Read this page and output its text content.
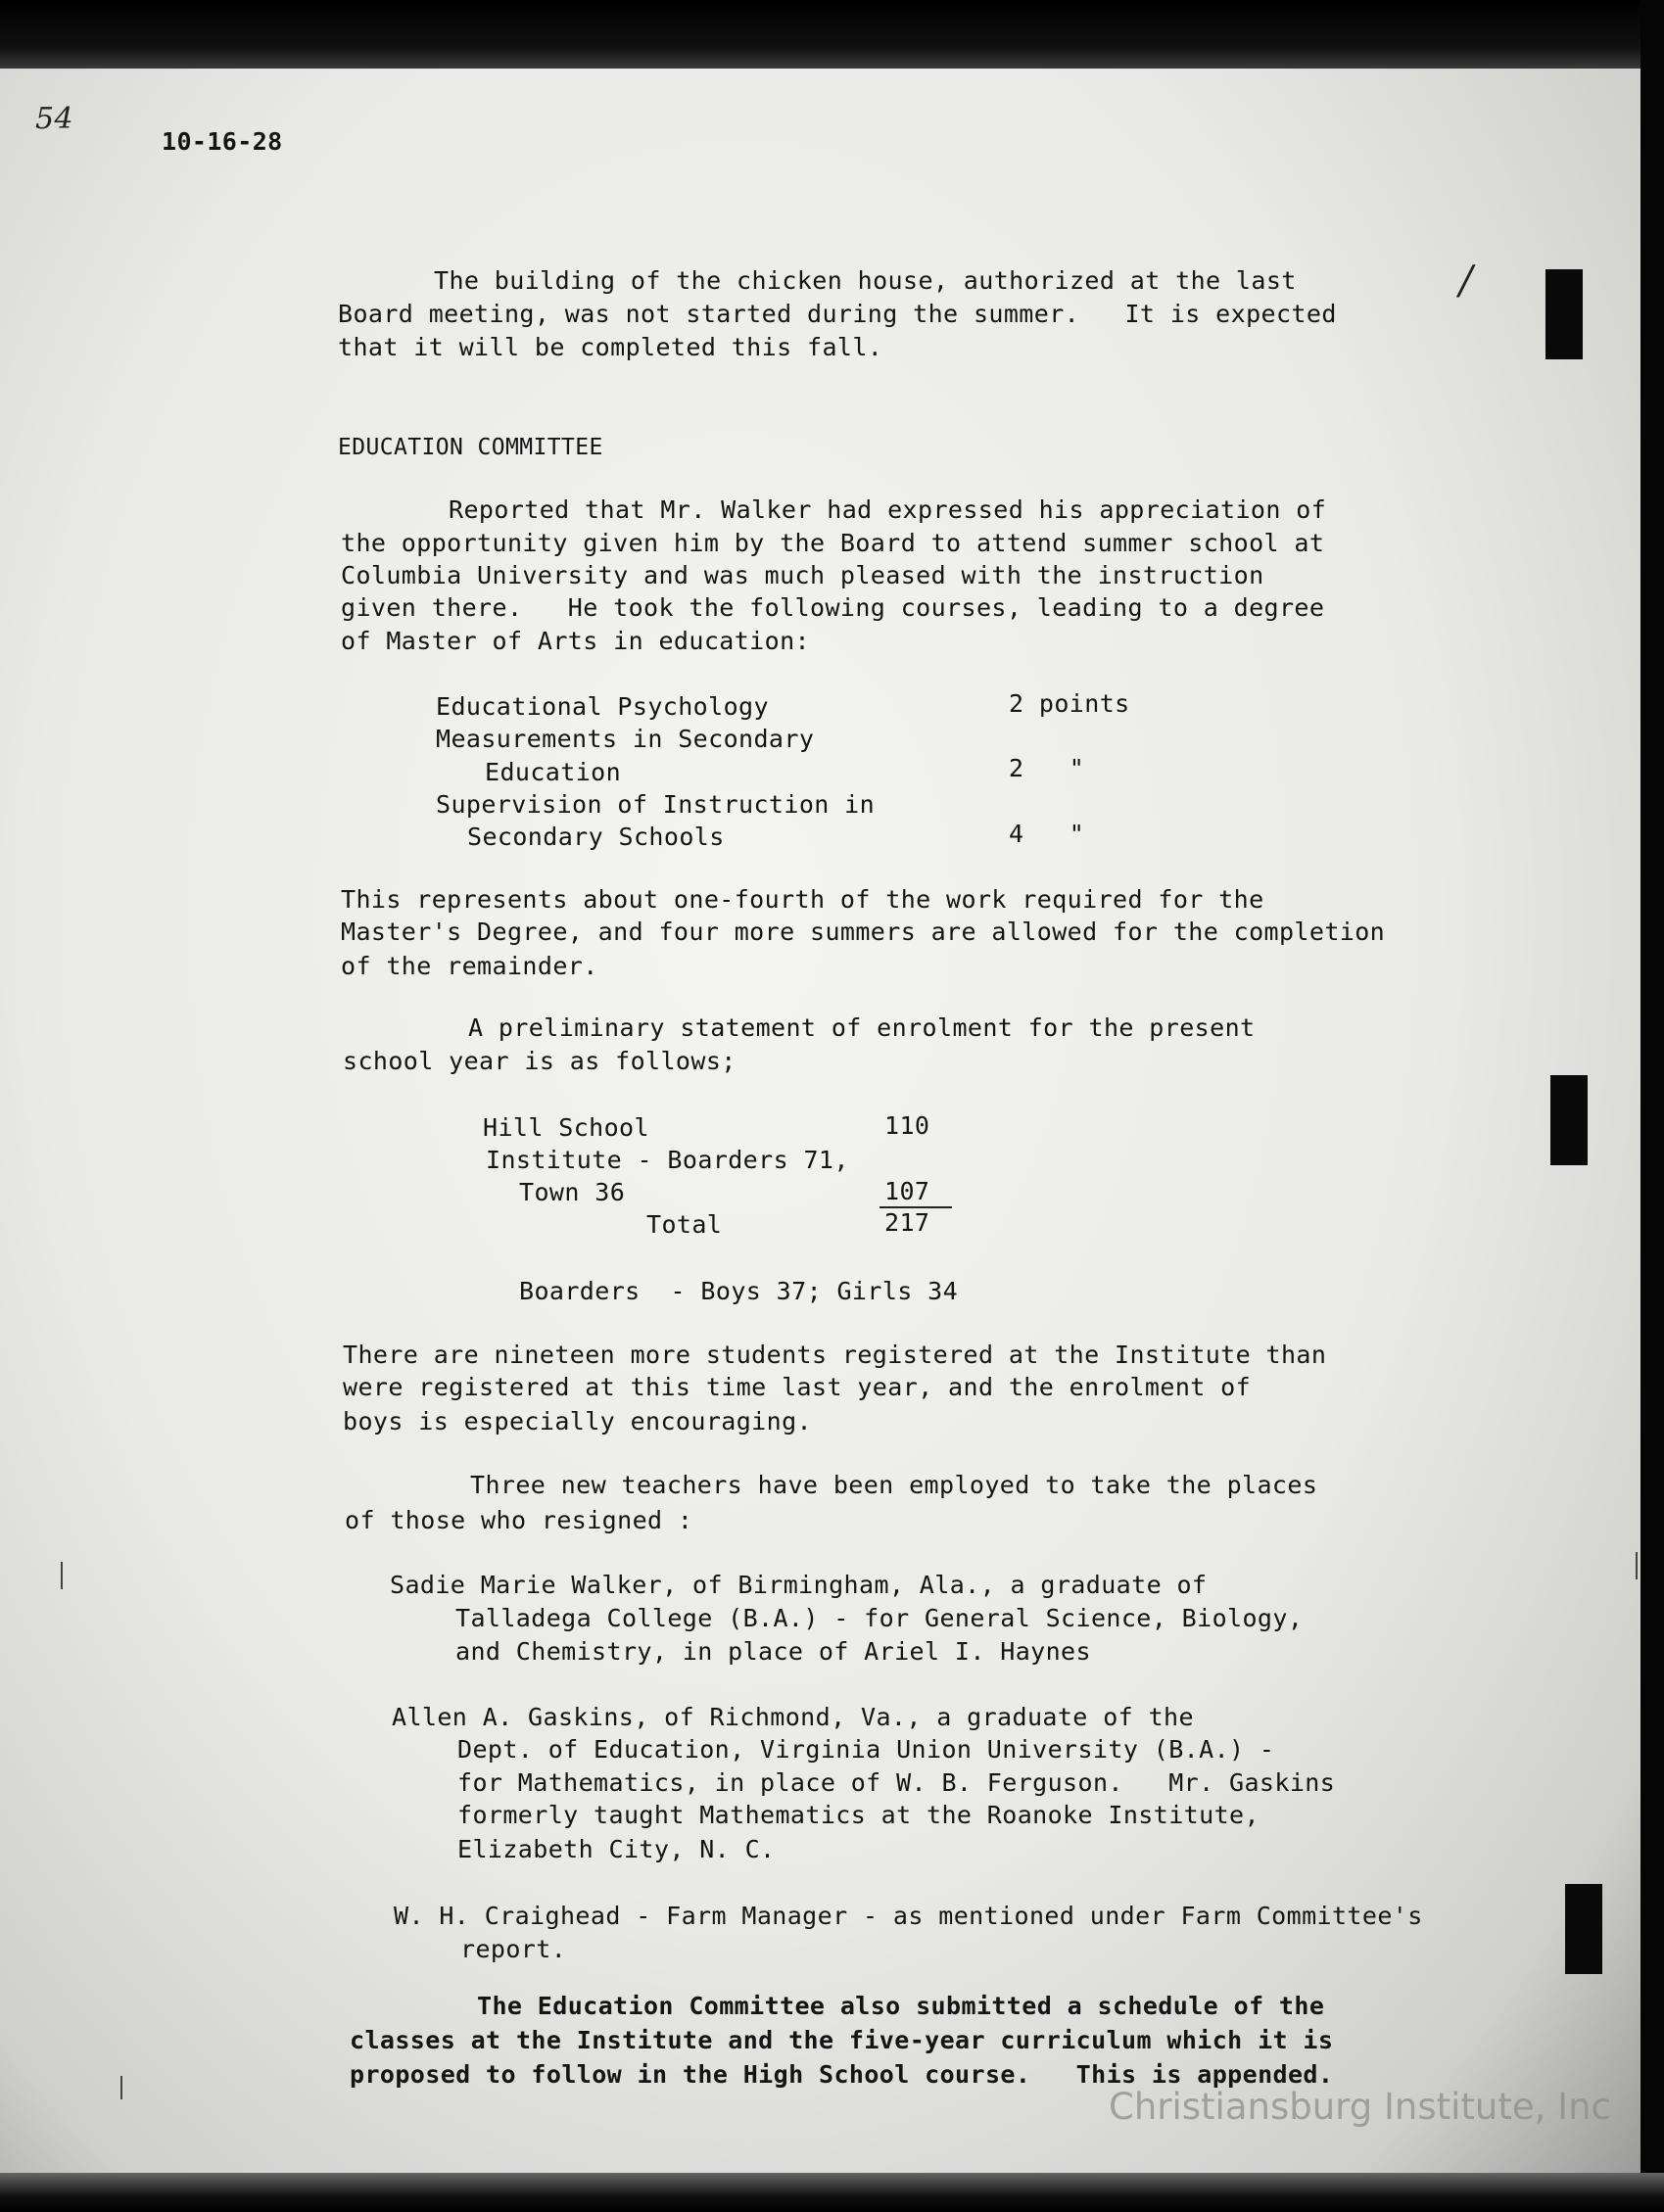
54
/
10-16-28
The building of the chicken house, authorized at the last
Board meeting, was not started during the summer.   It is expected
that it will be completed this fall.
EDUCATION COMMITTEE
Reported that Mr. Walker had expressed his appreciation of
the opportunity given him by the Board to attend summer school at
Columbia University and was much pleased with the instruction
given there.   He took the following courses, leading to a degree
of Master of Arts in education:
Educational Psychology	2 points
Measurements in Secondary
Education	2   "
Supervision of Instruction in
Secondary Schools	4   "
This represents about one-fourth of the work required for the
Master's Degree, and four more summers are allowed for the completion
of the remainder.
A preliminary statement of enrolment for the present
school year is as follows;
Hill School	110
Institute - Boarders 71,
Town 36	107
Total	217
Boarders  - Boys 37; Girls 34
There are nineteen more students registered at the Institute than
were registered at this time last year, and the enrolment of
boys is especially encouraging.
Three new teachers have been employed to take the places
of those who resigned :
Sadie Marie Walker, of Birmingham, Ala., a graduate of
Talladega College (B.A.) - for General Science, Biology,
and Chemistry, in place of Ariel I. Haynes
Allen A. Gaskins, of Richmond, Va., a graduate of the
Dept. of Education, Virginia Union University (B.A.) -
for Mathematics, in place of W. B. Ferguson.   Mr. Gaskins
formerly taught Mathematics at the Roanoke Institute,
Elizabeth City, N. C.
W. H. Craighead - Farm Manager - as mentioned under Farm Committee's
report.
The Education Committee also submitted a schedule of the
classes at the Institute and the five-year curriculum which it is
proposed to follow in the High School course.   This is appended.
Christiansburg Institute, Inc
